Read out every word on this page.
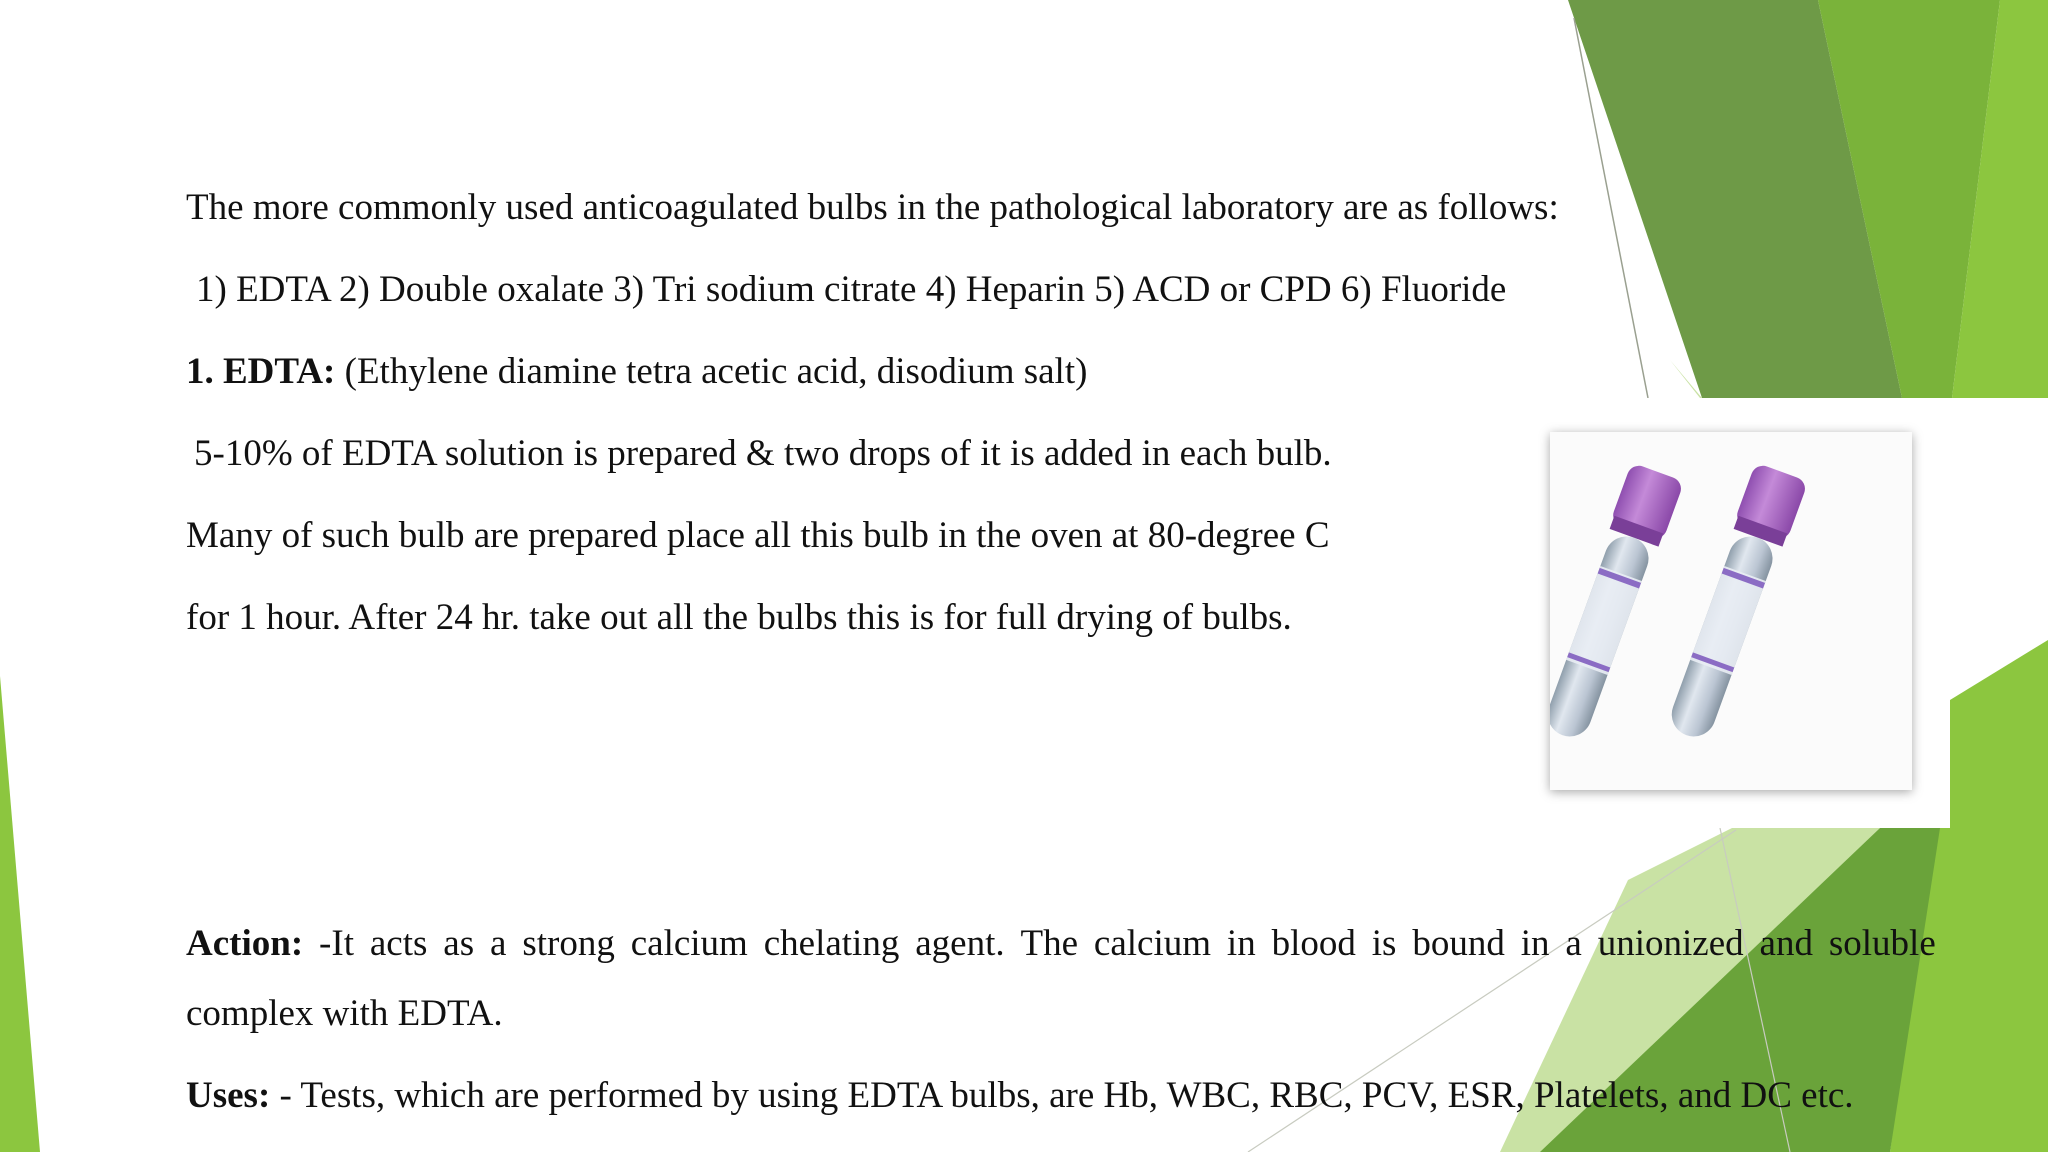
The more commonly used anticoagulated bulbs in the pathological laboratory are as follows:

1) EDTA 2) Double oxalate 3) Tri sodium citrate 4) Heparin 5) ACD or CPD 6) Fluoride

1. EDTA: (Ethylene diamine tetra acetic acid, disodium salt)

5-10% of EDTA solution is prepared & two drops of it is added in each bulb.

Many of such bulb are prepared place all this bulb in the oven at 80-degree C

for 1 hour. After 24 hr. take out all the bulbs this is for full drying of bulbs.

Action: -It acts as a strong calcium chelating agent. The calcium in blood is bound in a unionized and soluble

complex with EDTA.

Uses: - Tests, which are performed by using EDTA bulbs, are Hb, WBC, RBC, PCV, ESR, Platelets, and DC etc.
